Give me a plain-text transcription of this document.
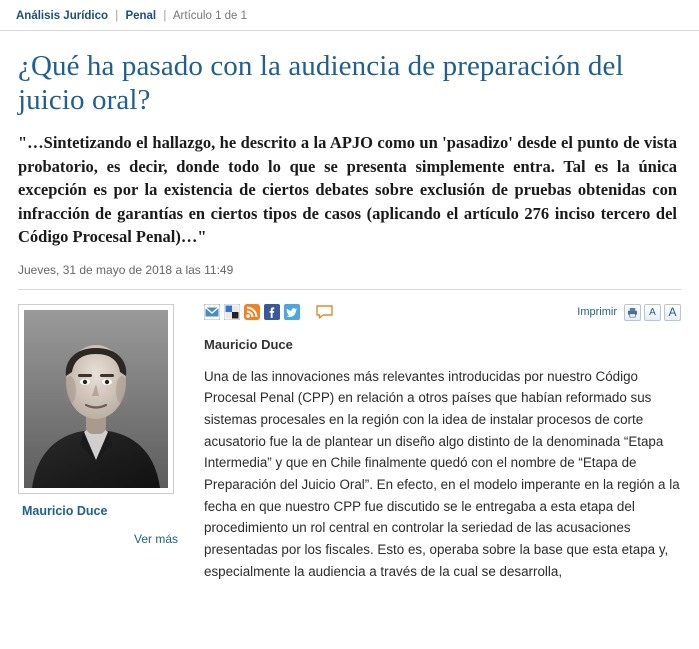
Análisis Jurídico | Penal | Artículo 1 de 1
¿Qué ha pasado con la audiencia de preparación del juicio oral?

"…Sintetizando el hallazgo, he descrito a la APJO como un 'pasadizo' desde el punto de vista probatorio, es decir, donde todo lo que se presenta simplemente entra. Tal es la única excepción es por la existencia de ciertos debates sobre exclusión de pruebas obtenidas con infracción de garantías en ciertos tipos de casos (aplicando el artículo 276 inciso tercero del Código Procesal Penal)…"

Jueves, 31 de mayo de 2018 a las 11:49
Mauricio Duce
Ver más
Imprimir	A	A
Mauricio Duce

Una de las innovaciones más relevantes introducidas por nuestro Código Procesal Penal (CPP) en relación a otros países que habían reformado sus sistemas procesales en la región con la idea de instalar procesos de corte acusatorio fue la de plantear un diseño algo distinto de la denominada “Etapa Intermedia” y que en Chile finalmente quedó con el nombre de “Etapa de Preparación del Juicio Oral”. En efecto, en el modelo imperante en la región a la fecha en que nuestro CPP fue discutido se le entregaba a esta etapa del procedimiento un rol central en controlar la seriedad de las acusaciones presentadas por los fiscales. Esto es, operaba sobre la base que esta etapa y, especialmente la audiencia a través de la cual se desarrolla,
